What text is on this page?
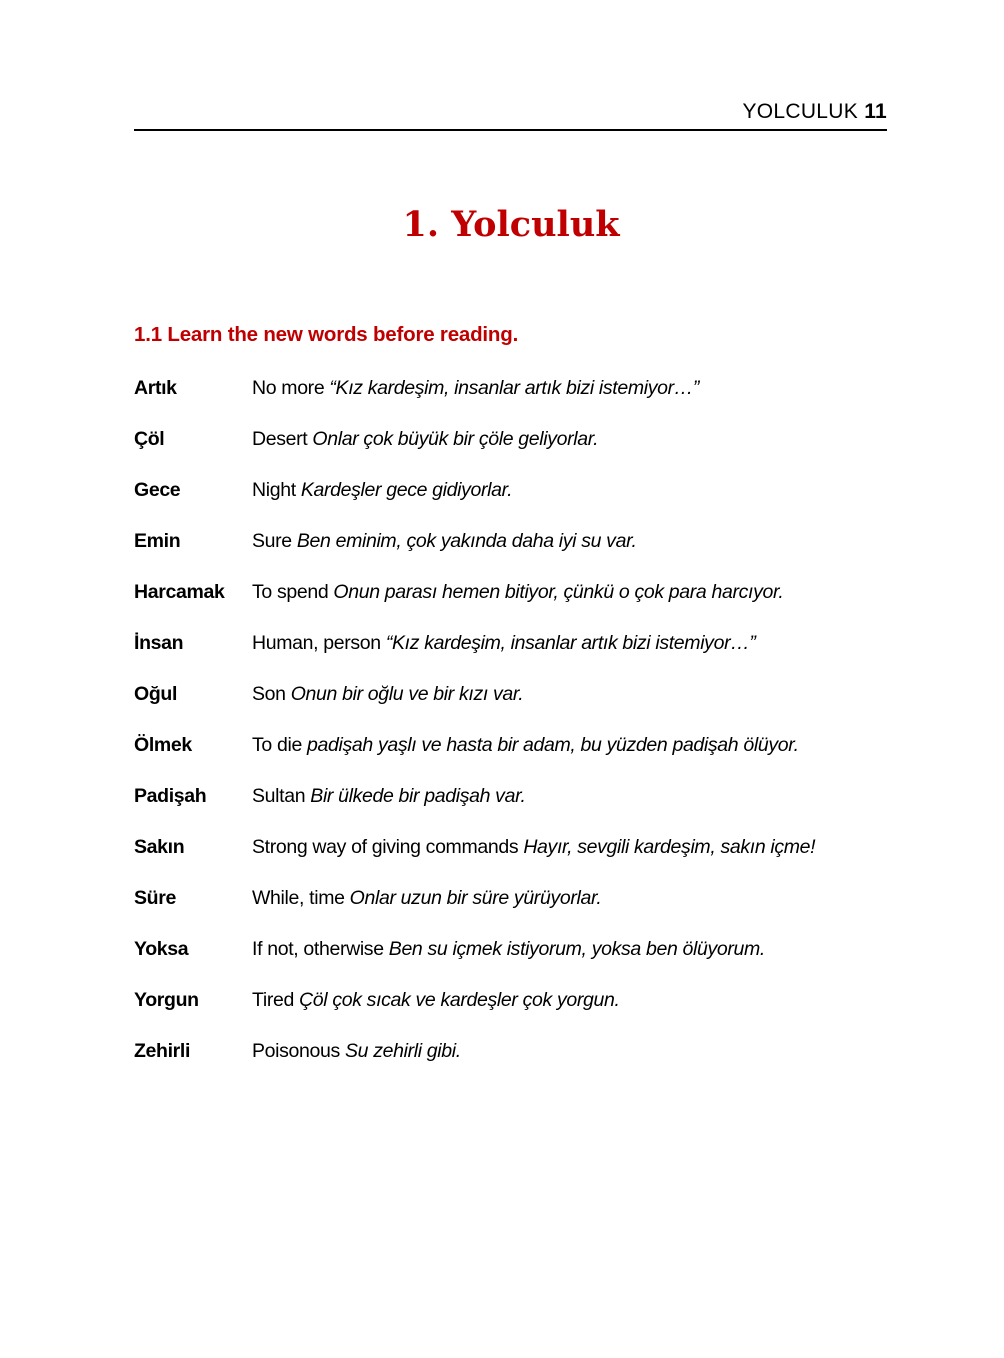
YOLCULUK 11
1. Yolculuk
1.1 Learn the new words before reading.
Artık	No more “Kız kardeşim, insanlar artık bizi istemiyor…”
Çöl	Desert Onlar çok büyük bir çöle geliyorlar.
Gece	Night Kardeşler gece gidiyorlar.
Emin	Sure Ben eminim, çok yakında daha iyi su var.
Harcamak	To spend Onun parası hemen bitiyor, çünkü o çok para harcıyor.
İnsan	Human, person “Kız kardeşim, insanlar artık bizi istemiyor…”
Oğul	Son Onun bir oğlu ve bir kızı var.
Ölmek	To die padişah yaşlı ve hasta bir adam, bu yüzden padişah ölüyor.
Padişah	Sultan Bir ülkede bir padişah var.
Sakın	Strong way of giving commands Hayır, sevgili kardeşim, sakın içme!
Süre	While, time Onlar uzun bir süre yürüyorlar.
Yoksa	If not, otherwise Ben su içmek istiyorum, yoksa ben ölüyorum.
Yorgun	Tired Çöl çok sıcak ve kardeşler çok yorgun.
Zehirli	Poisonous Su zehirli gibi.
